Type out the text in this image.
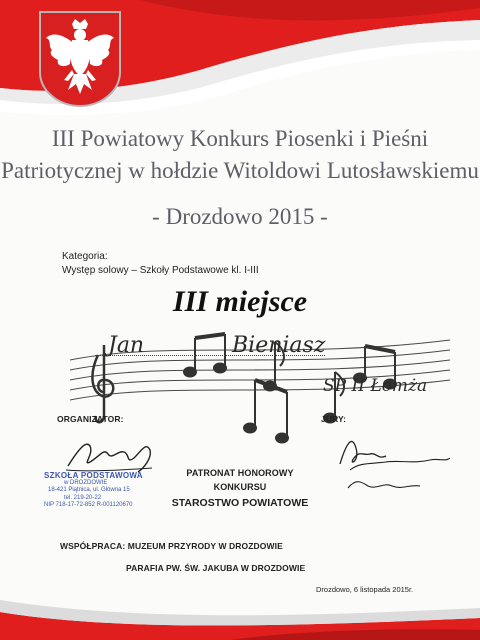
III Powiatowy Konkurs Piosenki i Pieśni
Patriotycznej w hołdzie Witoldowi Lutosławskiemu
- Drozdowo 2015 -
Kategoria:
Występ solowy – Szkoły Podstawowe kl. I-III
III miejsce
Jan	Bieniasz
SP II Łomża
ORGANIZATOR:	JURY:
SZKOŁA PODSTAWOWA
w DROZDOWIE
18-421 Piątnica, ul. Główna 15
tel. 219-20-22
NIP 718-17-72-852 R-001120670
PATRONAT HONOROWY
KONKURSU
STAROSTWO POWIATOWE
WSPÓŁPRACA: MUZEUM PRZYRODY W DROZDOWIE
PARAFIA PW. ŚW. JAKUBA W DROZDOWIE
Drozdowo, 6 listopada 2015r.
